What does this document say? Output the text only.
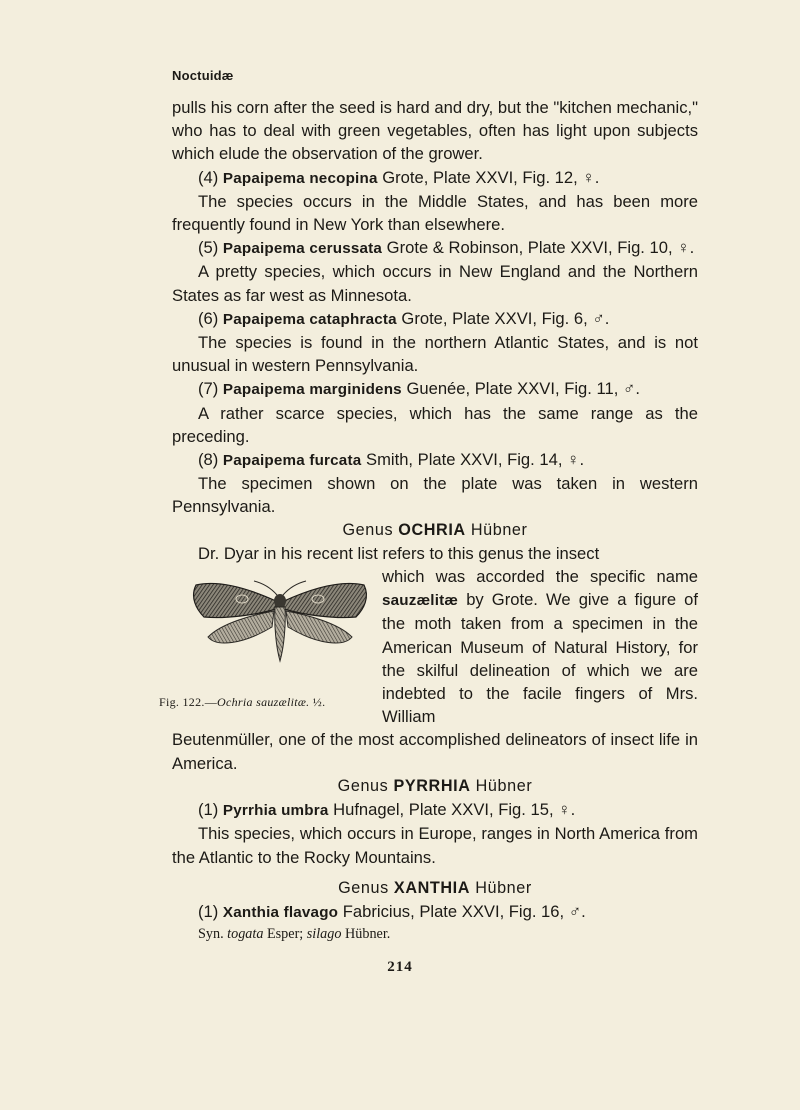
Noctuidæ

pulls his corn after the seed is hard and dry, but the "kitchen mechanic," who has to deal with green vegetables, often has light upon subjects which elude the observation of the grower.

(4) Papaipema necopina Grote, Plate XXVI, Fig. 12, ♀.

The species occurs in the Middle States, and has been more frequently found in New York than elsewhere.

(5) Papaipema cerussata Grote & Robinson, Plate XXVI, Fig. 10, ♀.

A pretty species, which occurs in New England and the Northern States as far west as Minnesota.

(6) Papaipema cataphracta Grote, Plate XXVI, Fig. 6, ♂.

The species is found in the northern Atlantic States, and is not unusual in western Pennsylvania.

(7) Papaipema marginidens Guenée, Plate XXVI, Fig. 11, ♂.

A rather scarce species, which has the same range as the preceding.

(8) Papaipema furcata Smith, Plate XXVI, Fig. 14, ♀.

The specimen shown on the plate was taken in western Pennsylvania.

Genus OCHRIA Hübner

Dr. Dyar in his recent list refers to this genus the insect

Fig. 122.—Ochria sauzælitæ. ½.
which was accorded the specific name sauzælitæ by Grote. We give a figure of the moth taken from a specimen in the American Museum of Natural History, for the skilful delineation of which we are indebted to the facile fingers of Mrs. William

Beutenmüller, one of the most accomplished delineators of insect life in America.

Genus PYRRHIA Hübner

(1) Pyrrhia umbra Hufnagel, Plate XXVI, Fig. 15, ♀.

This species, which occurs in Europe, ranges in North America from the Atlantic to the Rocky Mountains.

Genus XANTHIA Hübner

(1) Xanthia flavago Fabricius, Plate XXVI, Fig. 16, ♂.

Syn. togata Esper; silago Hübner.

214
